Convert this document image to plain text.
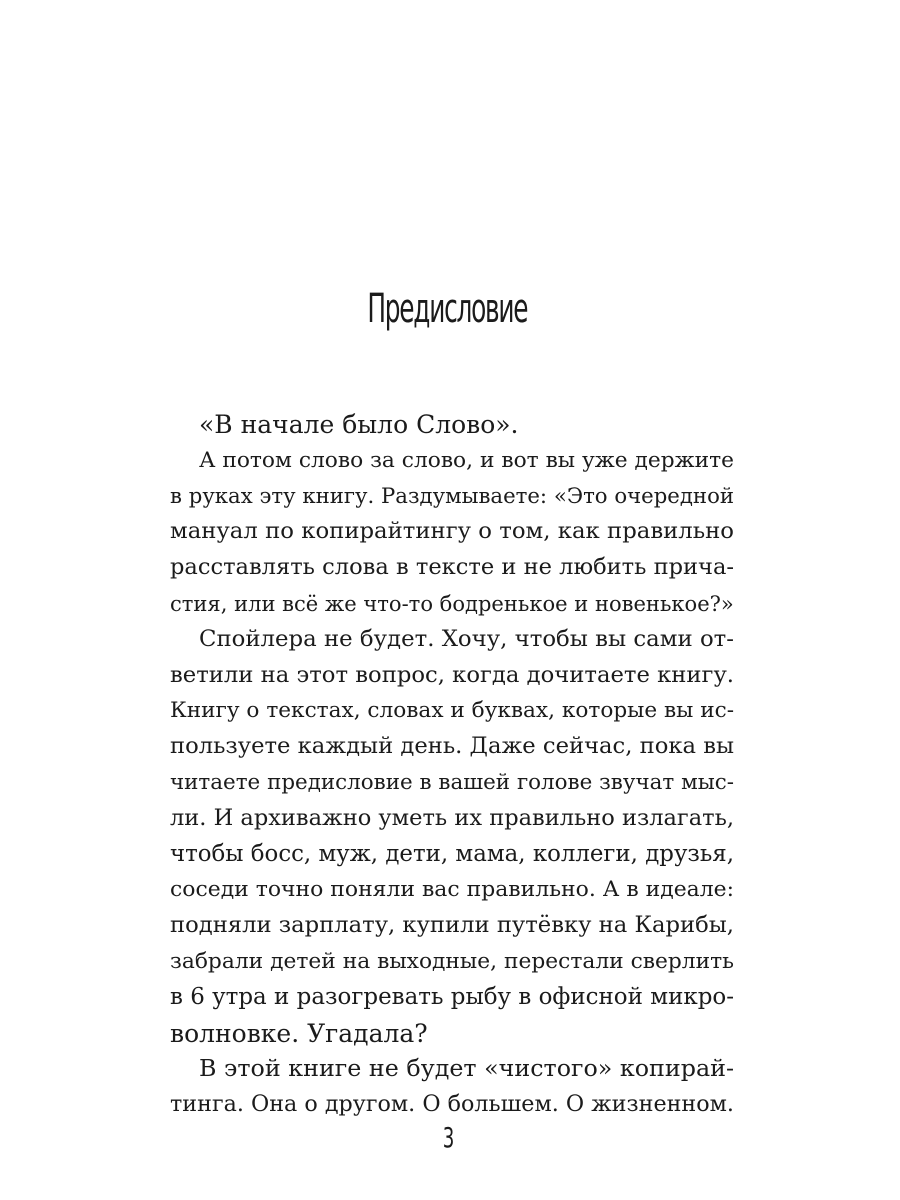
Предисловие
«В начале было Слово».
А потом слово за слово, и вот вы уже держите
в руках эту книгу. Раздумываете: «Это очередной
мануал по копирайтингу о том, как правильно
расставлять слова в тексте и не любить прича-
стия, или всё же что-то бодренькое и новенькое?»
Спойлера не будет. Хочу, чтобы вы сами от-
ветили на этот вопрос, когда дочитаете книгу.
Книгу о текстах, словах и буквах, которые вы ис-
пользуете каждый день. Даже сейчас, пока вы
читаете предисловие в вашей голове звучат мыс-
ли. И архиважно уметь их правильно излагать,
чтобы босс, муж, дети, мама, коллеги, друзья,
соседи точно поняли вас правильно. А в идеале:
подняли зарплату, купили путёвку на Карибы,
забрали детей на выходные, перестали сверлить
в 6 утра и разогревать рыбу в офисной микро-
волновке. Угадала?
В этой книге не будет «чистого» копирай-
тинга. Она о другом. О большем. О жизненном.
3
